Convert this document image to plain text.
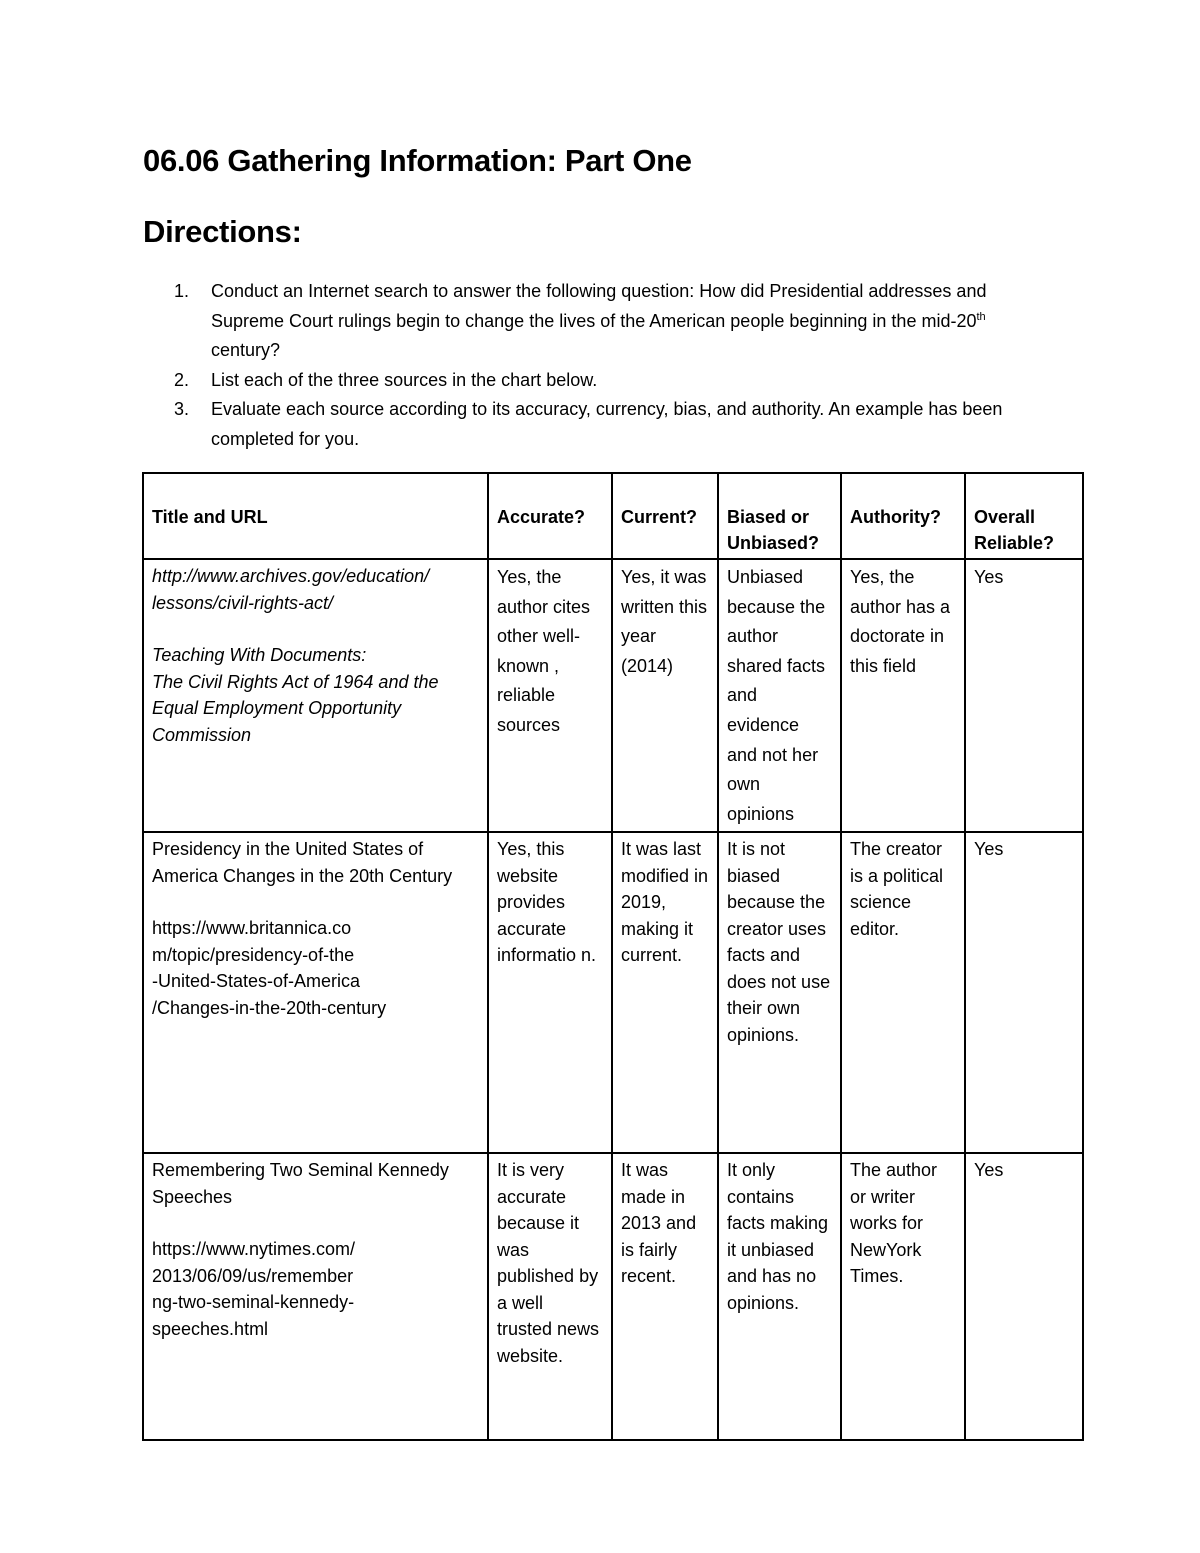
06.06 Gathering Information: Part One
Directions:
1. Conduct an Internet search to answer the following question: How did Presidential addresses and Supreme Court rulings begin to change the lives of the American people beginning in the mid-20th century?
2. List each of the three sources in the chart below.
3. Evaluate each source according to its accuracy, currency, bias, and authority. An example has been completed for you.
Title and URL	Accurate?	Current?	Biased or Unbiased?	Authority?	Overall Reliable?

http://www.archives.gov/education/
lessons/civil-rights-act/
Teaching With Documents:
The Civil Rights Act of 1964 and the Equal Employment Opportunity Commission	Yes, the author cites other well-known , reliable sources	Yes, it was written this year (2014)	Unbiased because the author shared facts and evidence and not her own opinions	Yes, the author has a doctorate in this field	Yes

Presidency in the United States of America Changes in the 20th Century
https://www.britannica.co
m/topic/presidency-of-the
-United-States-of-America
/Changes-in-the-20th-century	Yes, this website provides accurate informatio n.	It was last modified in 2019, making it current.	It is not biased because the creator uses facts and does not use their own opinions.	The creator is a political science editor.	Yes

Remembering Two Seminal Kennedy Speeches
https://www.nytimes.com/
2013/06/09/us/remember
ng-two-seminal-kennedy-
speeches.html	It is very accurate because it was published by a well trusted news website.	It was made in 2013 and is fairly recent.	It only contains facts making it unbiased and has no opinions.	The author or writer works for NewYork Times.	Yes
